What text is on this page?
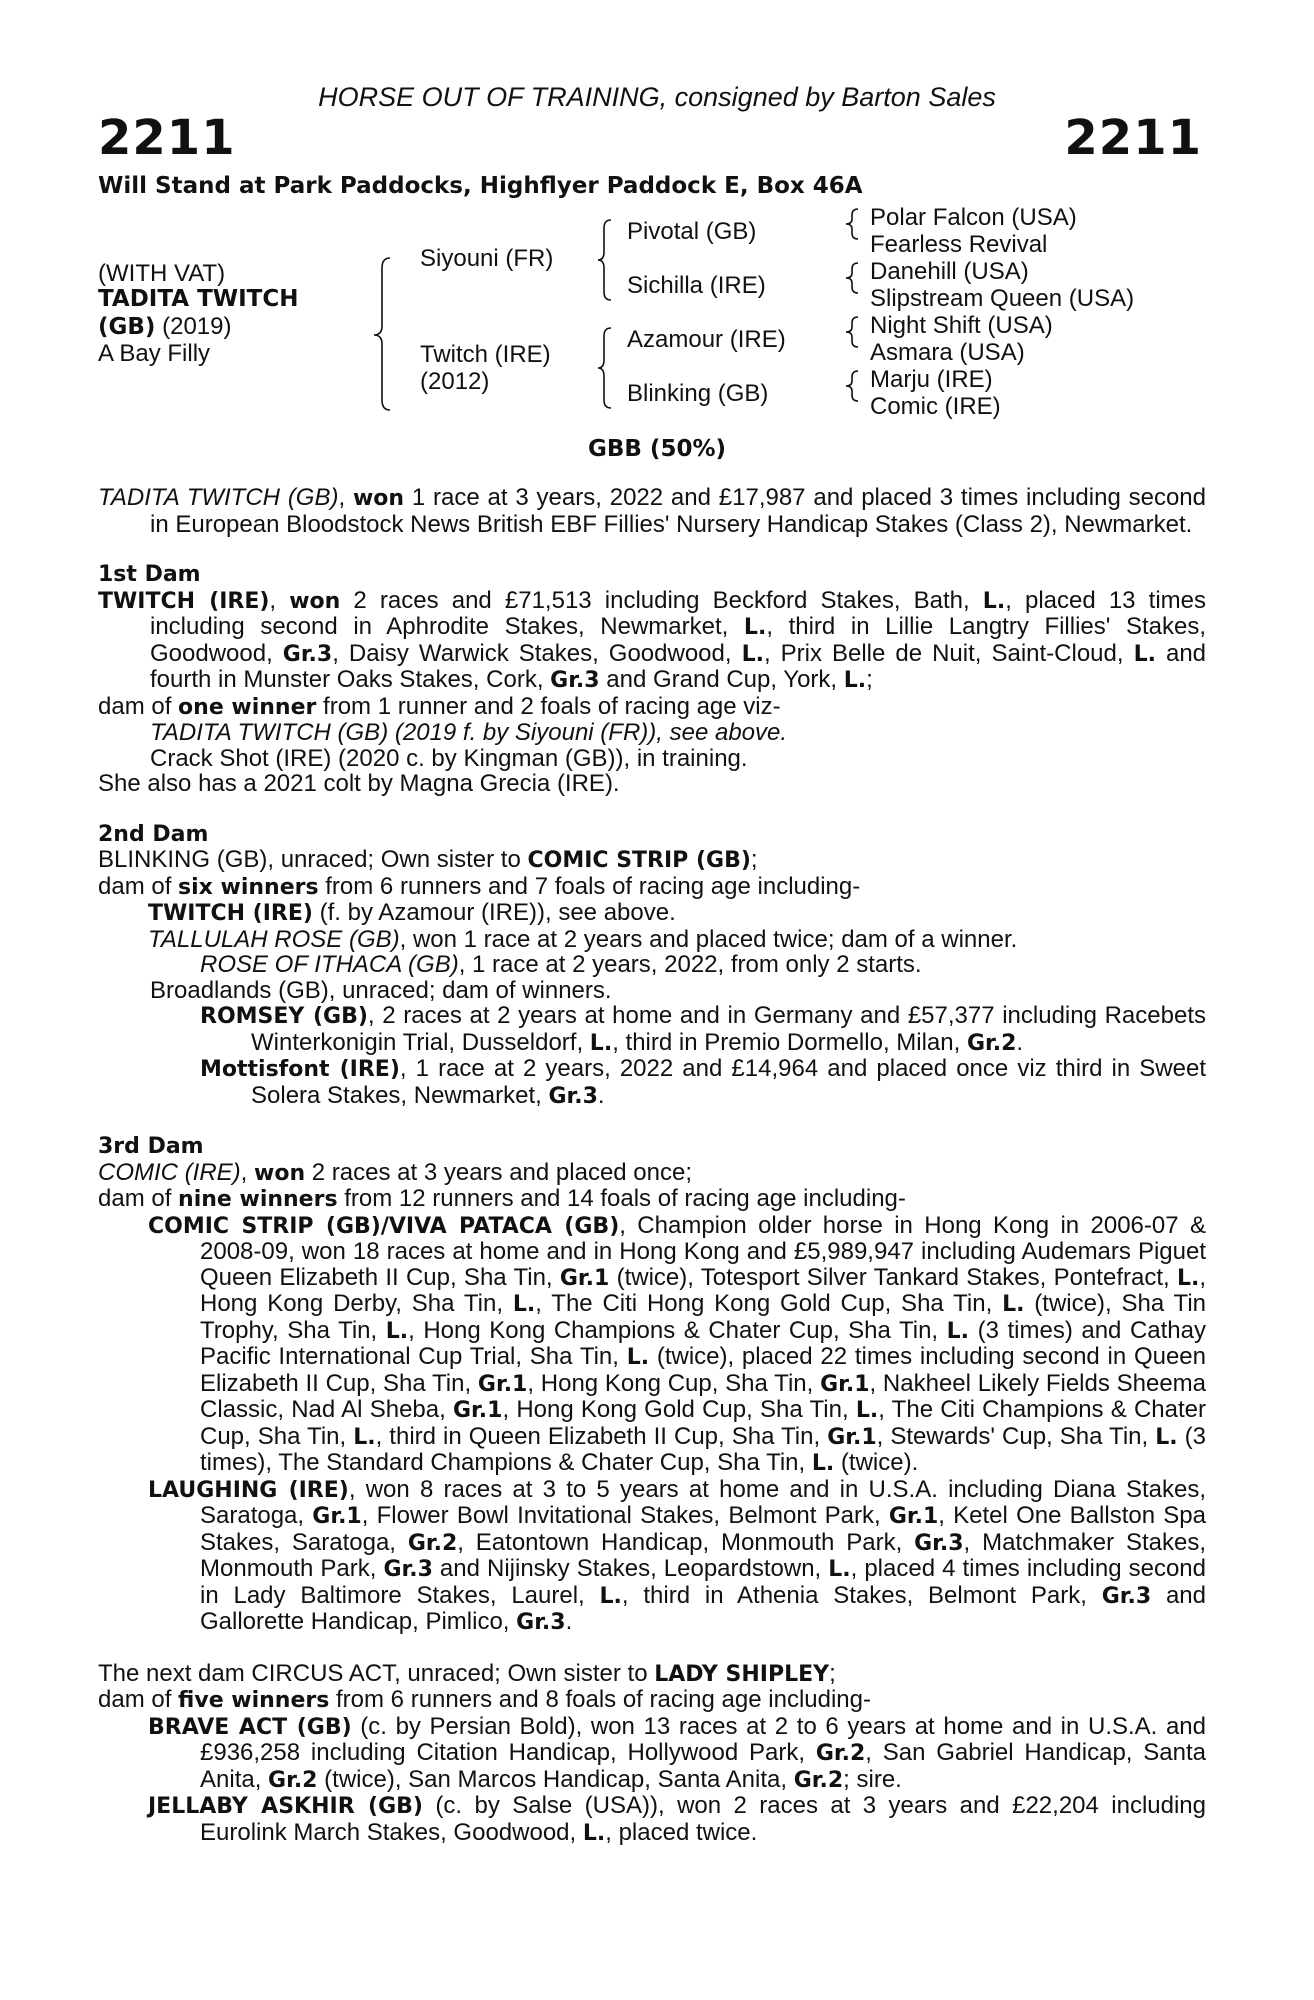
HORSE OUT OF TRAINING, consigned by Barton Sales
2211	2211
Will Stand at Park Paddocks, Highflyer Paddock E, Box 46A
(WITH VAT)
TADITA TWITCH
(GB) (2019)
A Bay Filly
Siyouni (FR)
Twitch (IRE)
(2012)
Pivotal (GB)
Sichilla (IRE)
Azamour (IRE)
Blinking (GB)
Polar Falcon (USA)
Fearless Revival
Danehill (USA)
Slipstream Queen (USA)
Night Shift (USA)
Asmara (USA)
Marju (IRE)
Comic (IRE)
GBB (50%)

TADITA TWITCH (GB), won 1 race at 3 years, 2022 and £17,987 and placed 3 times including second in European Bloodstock News British EBF Fillies' Nursery Handicap Stakes (Class 2), Newmarket.

1st Dam

TWITCH (IRE), won 2 races and £71,513 including Beckford Stakes, Bath, L., placed 13 times including second in Aphrodite Stakes, Newmarket, L., third in Lillie Langtry Fillies' Stakes, Goodwood, Gr.3, Daisy Warwick Stakes, Goodwood, L., Prix Belle de Nuit, Saint-Cloud, L. and fourth in Munster Oaks Stakes, Cork, Gr.3 and Grand Cup, York, L.;

dam of one winner from 1 runner and 2 foals of racing age viz-

TADITA TWITCH (GB) (2019 f. by Siyouni (FR)), see above.

Crack Shot (IRE) (2020 c. by Kingman (GB)), in training.

She also has a 2021 colt by Magna Grecia (IRE).

2nd Dam

BLINKING (GB), unraced; Own sister to COMIC STRIP (GB);

dam of six winners from 6 runners and 7 foals of racing age including-

TWITCH (IRE) (f. by Azamour (IRE)), see above.

TALLULAH ROSE (GB), won 1 race at 2 years and placed twice; dam of a winner.

ROSE OF ITHACA (GB), 1 race at 2 years, 2022, from only 2 starts.

Broadlands (GB), unraced; dam of winners.

ROMSEY (GB), 2 races at 2 years at home and in Germany and £57,377 including Racebets Winterkonigin Trial, Dusseldorf, L., third in Premio Dormello, Milan, Gr.2.

Mottisfont (IRE), 1 race at 2 years, 2022 and £14,964 and placed once viz third in Sweet Solera Stakes, Newmarket, Gr.3.

3rd Dam

COMIC (IRE), won 2 races at 3 years and placed once;

dam of nine winners from 12 runners and 14 foals of racing age including-

COMIC STRIP (GB)/VIVA PATACA (GB), Champion older horse in Hong Kong in 2006-07 & 2008-09, won 18 races at home and in Hong Kong and £5,989,947 including Audemars Piguet Queen Elizabeth II Cup, Sha Tin, Gr.1 (twice), Totesport Silver Tankard Stakes, Pontefract, L., Hong Kong Derby, Sha Tin, L., The Citi Hong Kong Gold Cup, Sha Tin, L. (twice), Sha Tin Trophy, Sha Tin, L., Hong Kong Champions & Chater Cup, Sha Tin, L. (3 times) and Cathay Pacific International Cup Trial, Sha Tin, L. (twice), placed 22 times including second in Queen Elizabeth II Cup, Sha Tin, Gr.1, Hong Kong Cup, Sha Tin, Gr.1, Nakheel Likely Fields Sheema Classic, Nad Al Sheba, Gr.1, Hong Kong Gold Cup, Sha Tin, L., The Citi Champions & Chater Cup, Sha Tin, L., third in Queen Elizabeth II Cup, Sha Tin, Gr.1, Stewards' Cup, Sha Tin, L. (3 times), The Standard Champions & Chater Cup, Sha Tin, L. (twice).

LAUGHING (IRE), won 8 races at 3 to 5 years at home and in U.S.A. including Diana Stakes, Saratoga, Gr.1, Flower Bowl Invitational Stakes, Belmont Park, Gr.1, Ketel One Ballston Spa Stakes, Saratoga, Gr.2, Eatontown Handicap, Monmouth Park, Gr.3, Matchmaker Stakes, Monmouth Park, Gr.3 and Nijinsky Stakes, Leopardstown, L., placed 4 times including second in Lady Baltimore Stakes, Laurel, L., third in Athenia Stakes, Belmont Park, Gr.3 and Gallorette Handicap, Pimlico, Gr.3.

The next dam CIRCUS ACT, unraced; Own sister to LADY SHIPLEY;

dam of five winners from 6 runners and 8 foals of racing age including-

BRAVE ACT (GB) (c. by Persian Bold), won 13 races at 2 to 6 years at home and in U.S.A. and £936,258 including Citation Handicap, Hollywood Park, Gr.2, San Gabriel Handicap, Santa Anita, Gr.2 (twice), San Marcos Handicap, Santa Anita, Gr.2; sire.

JELLABY ASKHIR (GB) (c. by Salse (USA)), won 2 races at 3 years and £22,204 including Eurolink March Stakes, Goodwood, L., placed twice.
